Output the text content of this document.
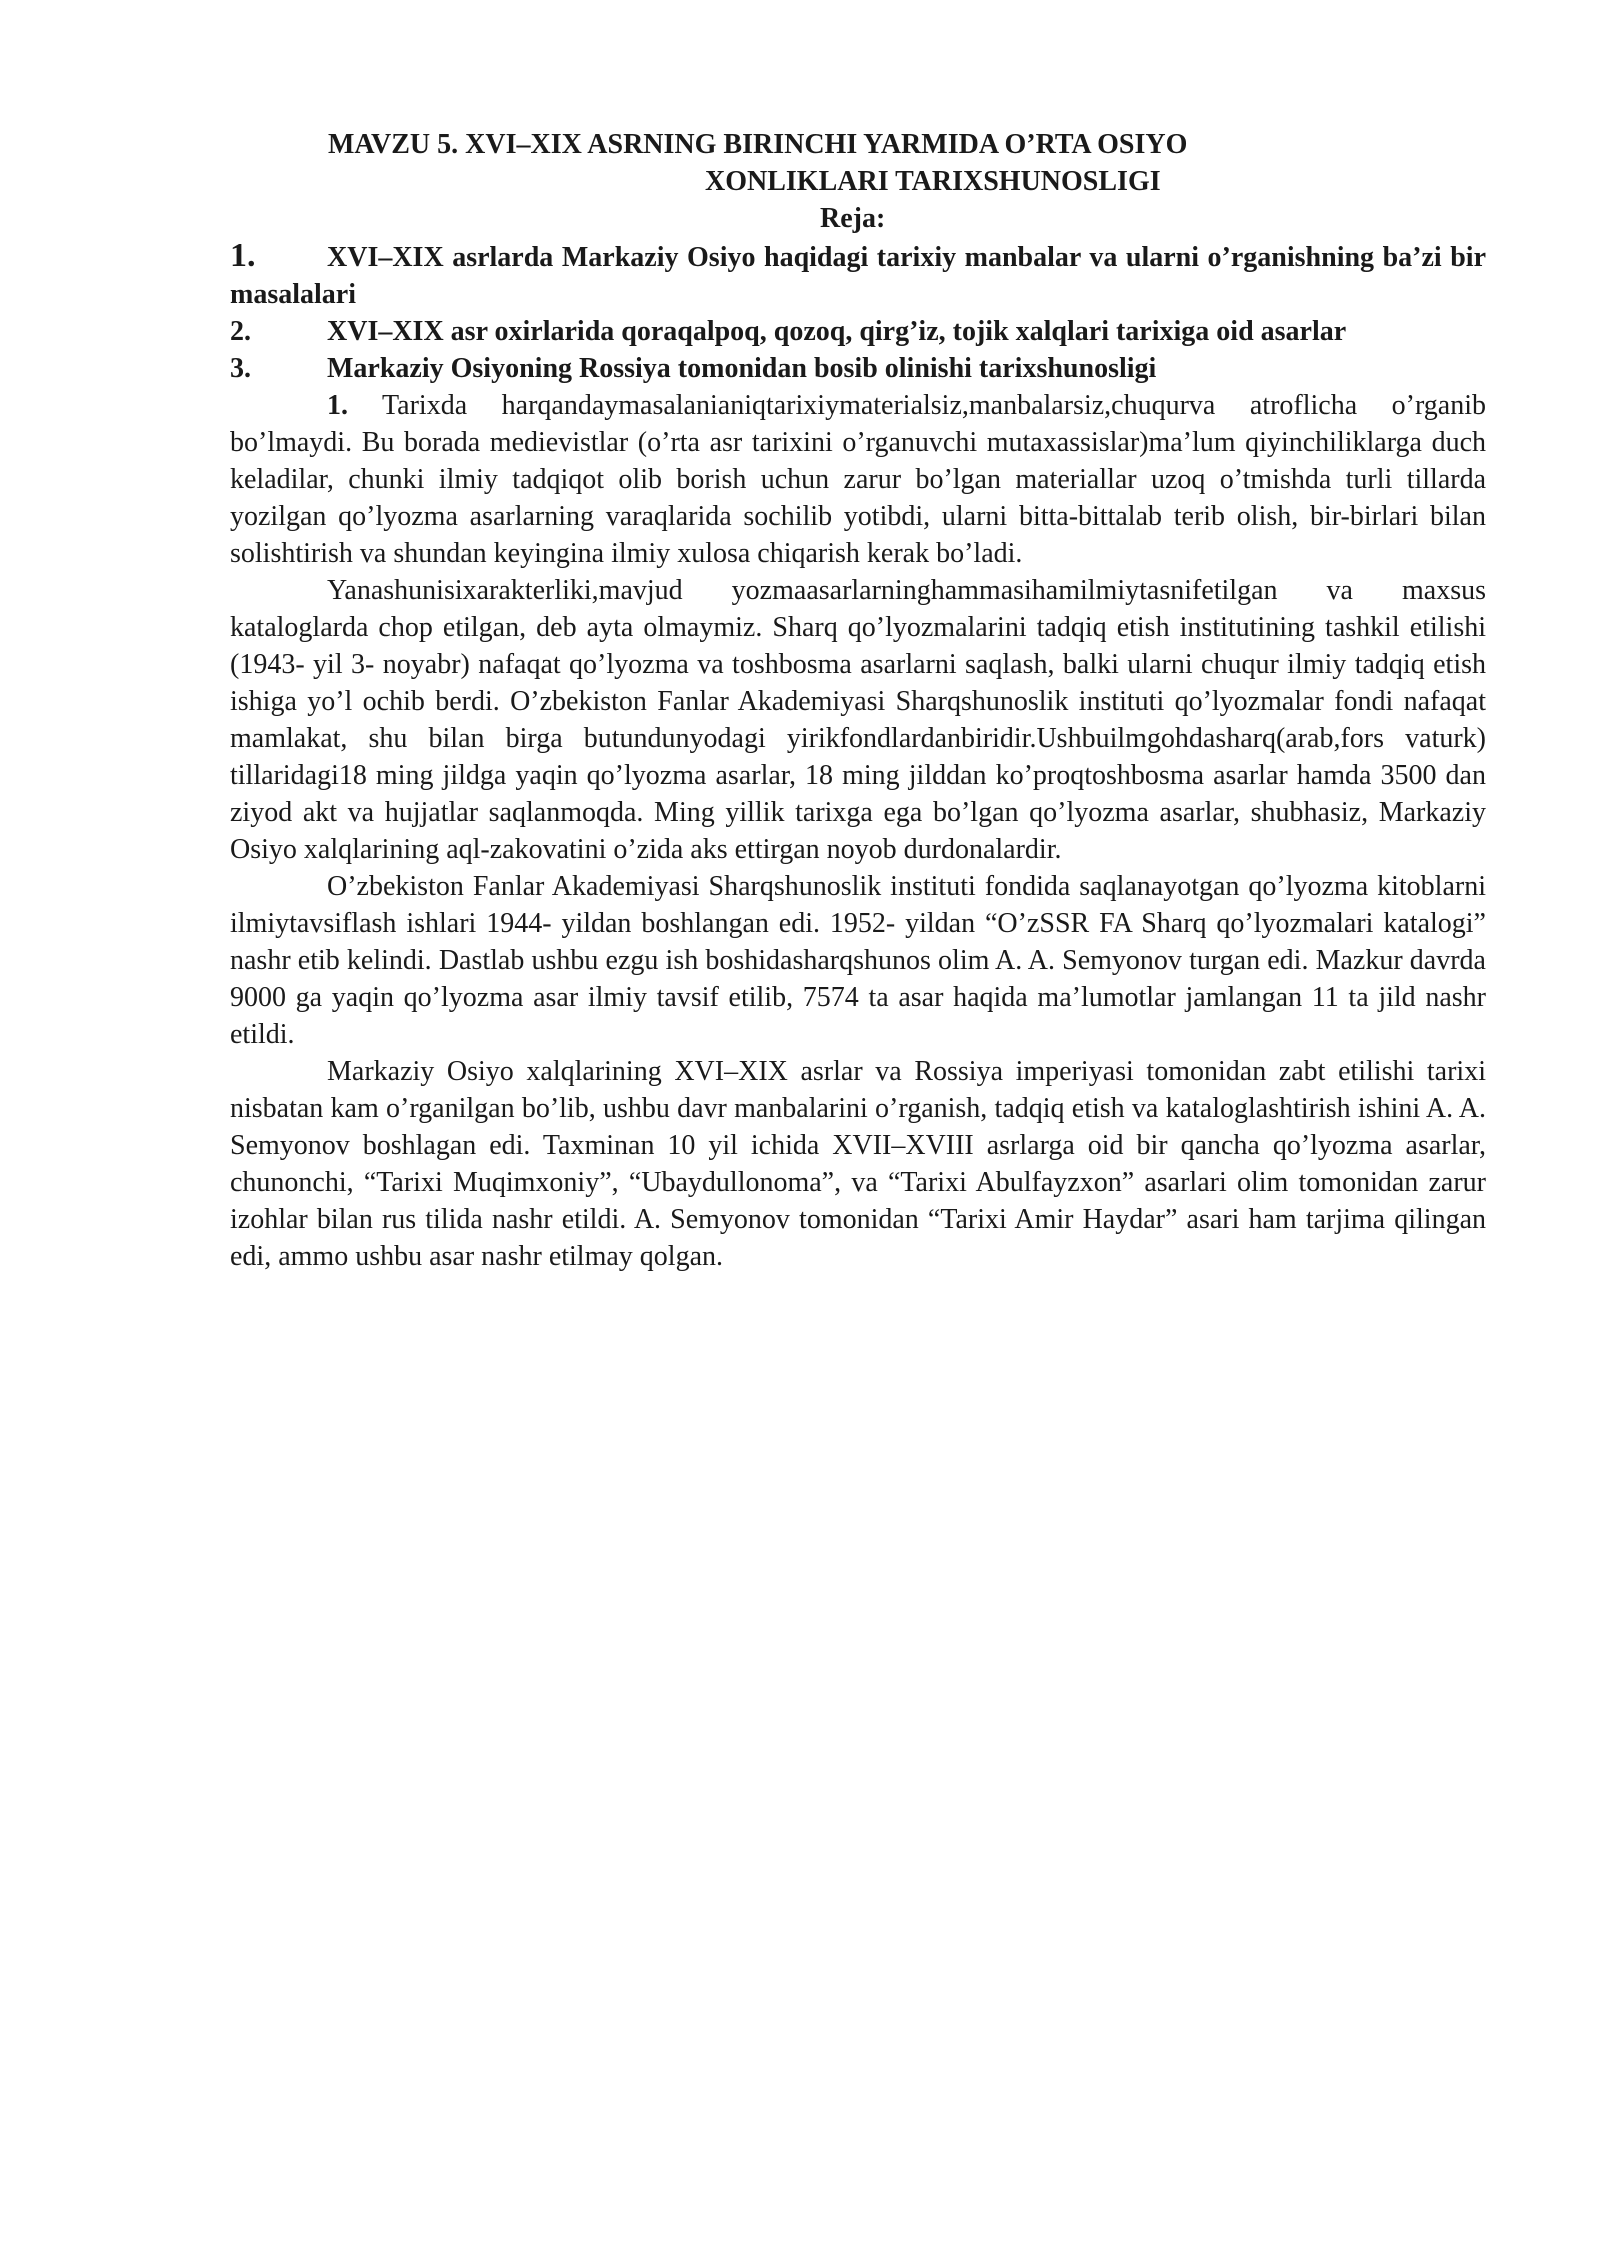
MAVZU 5. XVI–XIX ASRNING BIRINCHI YARMIDA O’RTA OSIYO
XONLIKLARI TARIXSHUNOSLIGI
Reja:

1.	XVI–XIX asrlarda Markaziy Osiyo haqidagi tarixiy manbalar va ularni o’rganishning ba’zi bir masalalari

2.	XVI–XIX asr oxirlarida qoraqalpoq, qozoq, qirg’iz, tojik xalqlari tarixiga oid asarlar

3.	Markaziy Osiyoning Rossiya tomonidan bosib olinishi tarixshunosligi

1. Tarixda harqandaymasalanianiqtarixiymaterialsiz,manbalarsiz,chuqurva atroflicha o’rganib bo’lmaydi. Bu borada medievistlar (o’rta asr tarixini o’rganuvchi mutaxassislar)ma’lum qiyinchiliklarga duch keladilar, chunki ilmiy tadqiqot olib borish uchun zarur bo’lgan materiallar uzoq o’tmishda turli tillarda yozilgan qo’lyozma asarlarning varaqlarida sochilib yotibdi, ularni bitta-bittalab terib olish, bir-birlari bilan solishtirish va shundan keyingina ilmiy xulosa chiqarish kerak bo’ladi.

Yanashunisixarakterliki,mavjud yozmaasarlarninghammasihamilmiytasnifetilgan va maxsus kataloglarda chop etilgan, deb ayta olmaymiz. Sharq qo’lyozmalarini tadqiq etish institutining tashkil etilishi (1943- yil 3- noyabr) nafaqat qo’lyozma va toshbosma asarlarni saqlash, balki ularni chuqur ilmiy tadqiq etish ishiga yo’l ochib berdi. O’zbekiston Fanlar Akademiyasi Sharqshunoslik instituti qo’lyozmalar fondi nafaqat mamlakat, shu bilan birga butundunyodagi yirikfondlardanbiridir.Ushbuilmgohdasharq(arab,fors vaturk) tillaridagi18 ming jildga yaqin qo’lyozma asarlar, 18 ming jilddan ko’proqtoshbosma asarlar hamda 3500 dan ziyod akt va hujjatlar saqlanmoqda. Ming yillik tarixga ega bo’lgan qo’lyozma asarlar, shubhasiz, Markaziy Osiyo xalqlarining aql-zakovatini o’zida aks ettirgan noyob durdonalardir.

O’zbekiston Fanlar Akademiyasi Sharqshunoslik instituti fondida saqlanayotgan qo’lyozma kitoblarni ilmiytavsiflash ishlari 1944- yildan boshlangan edi. 1952- yildan “O’zSSR FA Sharq qo’lyozmalari katalogi” nashr etib kelindi. Dastlab ushbu ezgu ish boshidasharqshunos olim A. A. Semyonov turgan edi. Mazkur davrda 9000 ga yaqin qo’lyozma asar ilmiy tavsif etilib, 7574 ta asar haqida ma’lumotlar jamlangan 11 ta jild nashr etildi.

Markaziy Osiyo xalqlarining XVI–XIX asrlar va Rossiya imperiyasi tomonidan zabt etilishi tarixi nisbatan kam o’rganilgan bo’lib, ushbu davr manbalarini o’rganish, tadqiq etish va kataloglashtirish ishini A. A. Semyonov boshlagan edi. Taxminan 10 yil ichida XVII–XVIII asrlarga oid bir qancha qo’lyozma asarlar, chunonchi, “Tarixi Muqimxoniy”, “Ubaydullonoma”, va “Tarixi Abulfayzxon” asarlari olim tomonidan zarur izohlar bilan rus tilida nashr etildi. A. Semyonov tomonidan “Tarixi Amir Haydar” asari ham tarjima qilingan edi, ammo ushbu asar nashr etilmay qolgan.
